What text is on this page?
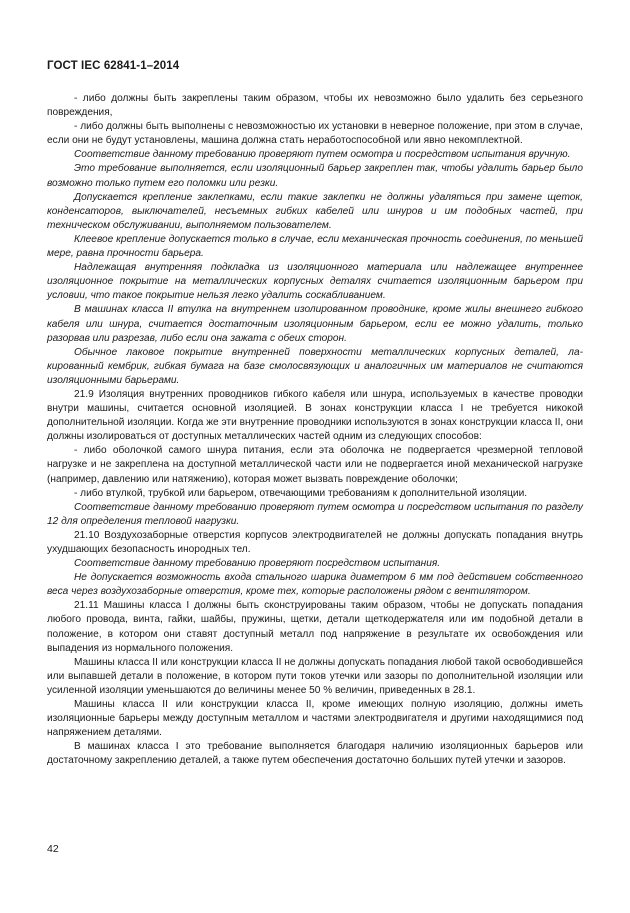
ГОСТ IEC 62841-1–2014

- либо должны быть закреплены таким образом, чтобы их невозможно было удалить без серьезного повреждения,

- либо должны быть выполнены с невозможностью их установки в неверное положение, при этом в случае, если они не будут установлены, машина должна стать неработоспособной или явно некомплектной.

Соответствие данному требованию проверяют путем осмотра и посредством испытания вручную.

Это требование выполняется, если изоляционный барьер закреплен так, чтобы удалить барьер было возможно только путем его поломки или резки.

Допускается крепление заклепками, если такие заклепки не должны удаляться при замене щеток, конденсаторов, выключателей, несъемных гибких кабелей или шнуров и им подобных частей, при техническом обслуживании, выполняемом пользователем.

Клеевое крепление допускается только в случае, если механическая прочность соединения, по меньшей мере, равна прочности барьера.

Надлежащая внутренняя подкладка из изоляционного материала или надлежащее внутреннее изоляционное покрытие на металлических корпусных деталях считается изоляционным барьером при условии, что такое покрытие нельзя легко удалить соскабливанием.

В машинах класса II втулка на внутреннем изолированном проводнике, кроме жилы внешнего гибкого кабеля или шнура, считается достаточным изоляционным барьером, если ее можно удалить, только разорвав или разрезав, либо если она зажата с обеих сторон.

Обычное лаковое покрытие внутренней поверхности металлических корпусных деталей, лакированный кембрик, гибкая бумага на базе смолосвязующих и аналогичных им материалов не считаются изоляционными барьерами.

21.9 Изоляция внутренних проводников гибкого кабеля или шнура, используемых в качестве проводки внутри машины, считается основной изоляцией. В зонах конструкции класса I не требуется никокой дополнительной изоляции. Когда же эти внутренние проводники используются в зонах конструкции класса II, они должны изолироваться от доступных металлических частей одним из следующих способов:

- либо оболочкой самого шнура питания, если эта оболочка не подвергается чрезмерной тепловой нагрузке и не закреплена на доступной металлической части или не подвергается иной механической нагрузке (например, давлению или натяжению), которая может вызвать повреждение оболочки;

- либо втулкой, трубкой или барьером, отвечающими требованиям к дополнительной изоляции.

Соответствие данному требованию проверяют путем осмотра и посредством испытания по разделу 12 для определения тепловой нагрузки.

21.10 Воздухозаборные отверстия корпусов электродвигателей не должны допускать попадания внутрь ухудшающих безопасность инородных тел.

Соответствие данному требованию проверяют посредством испытания.

Не допускается возможность входа стального шарика диаметром 6 мм под действием собственного веса через воздухозаборные отверстия, кроме тех, которые расположены рядом с вентилятором.

21.11 Машины класса I должны быть сконструированы таким образом, чтобы не допускать попадания любого провода, винта, гайки, шайбы, пружины, щетки, детали щеткодержателя или им подобной детали в положение, в котором они ставят доступный металл под напряжение в результате их освобождения или выпадения из нормального положения.

Машины класса II или конструкции класса II не должны допускать попадания любой такой освободившейся или выпавшей детали в положение, в котором пути токов утечки или зазоры по дополнительной изоляции или усиленной изоляции уменьшаются до величины менее 50 % величин, приведенных в 28.1.

Машины класса II или конструкции класса II, кроме имеющих полную изоляцию, должны иметь изоляционные барьеры между доступным металлом и частями электродвигателя и другими находящимися под напряжением деталями.

В машинах класса I это требование выполняется благодаря наличию изоляционных барьеров или достаточному закреплению деталей, а также путем обеспечения достаточно больших путей утечки и зазоров.

42
